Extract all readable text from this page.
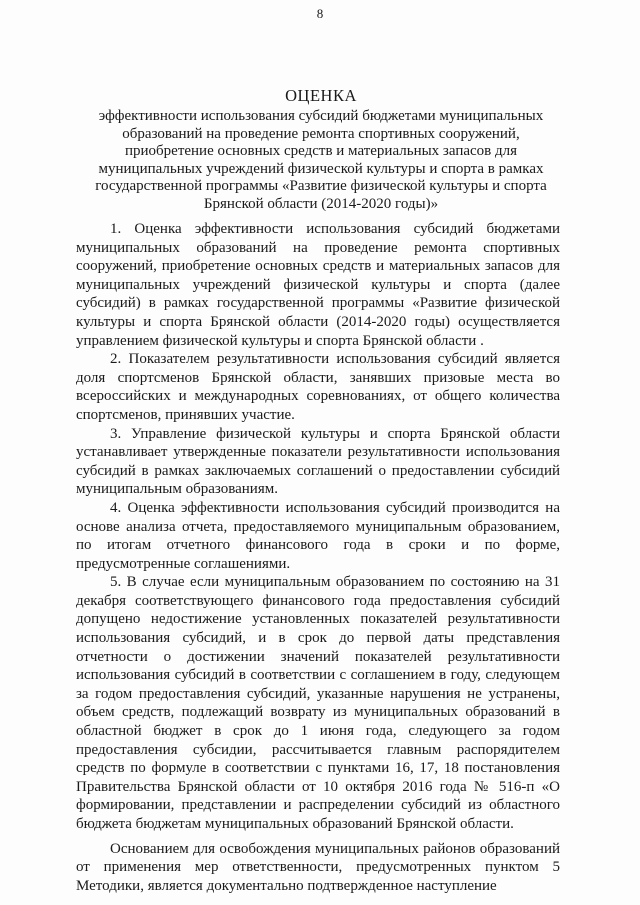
8
ОЦЕНКА

эффективности использования субсидий бюджетами муниципальных образований на проведение ремонта спортивных сооружений, приобретение основных средств и материальных запасов для муниципальных учреждений физической культуры и спорта в рамках государственной программы «Развитие физической культуры и спорта Брянской области (2014-2020 годы)»

1. Оценка эффективности использования субсидий бюджетами муниципальных образований на проведение ремонта спортивных сооружений, приобретение основных средств и материальных запасов для муниципальных учреждений физической культуры и спорта (далее субсидий) в рамках государственной программы «Развитие физической культуры и спорта Брянской области (2014-2020 годы) осуществляется управлением физической культуры и спорта Брянской области .

2. Показателем результативности использования субсидий является доля спортсменов Брянской области, занявших призовые места во всероссийских и международных соревнованиях, от общего количества спортсменов, принявших участие.

3. Управление физической культуры и спорта Брянской области устанавливает утвержденные показатели результативности использования субсидий в рамках заключаемых соглашений о предоставлении субсидий муниципальным образованиям.

4. Оценка эффективности использования субсидий производится на основе анализа отчета, предоставляемого муниципальным образованием, по итогам отчетного финансового года в сроки и по форме, предусмотренные соглашениями.

5. В случае если муниципальным образованием по состоянию на 31 декабря соответствующего финансового года предоставления субсидий допущено недостижение установленных показателей результативности использования субсидий, и в срок до первой даты представления отчетности о достижении значений показателей результативности использования субсидий в соответствии с соглашением в году, следующем за годом предоставления субсидий, указанные нарушения не устранены, объем средств, подлежащий возврату из муниципальных образований в областной бюджет в срок до 1 июня года, следующего за годом предоставления субсидии, рассчитывается главным распорядителем средств по формуле в соответствии с пунктами 16, 17, 18 постановления Правительства Брянской области от 10 октября 2016 года № 516-п «О формировании, представлении и распределении субсидий из областного бюджета бюджетам муниципальных образований Брянской области.

Основанием для освобождения муниципальных районов образований от применения мер ответственности, предусмотренных пунктом 5 Методики, является документально подтвержденное наступление
